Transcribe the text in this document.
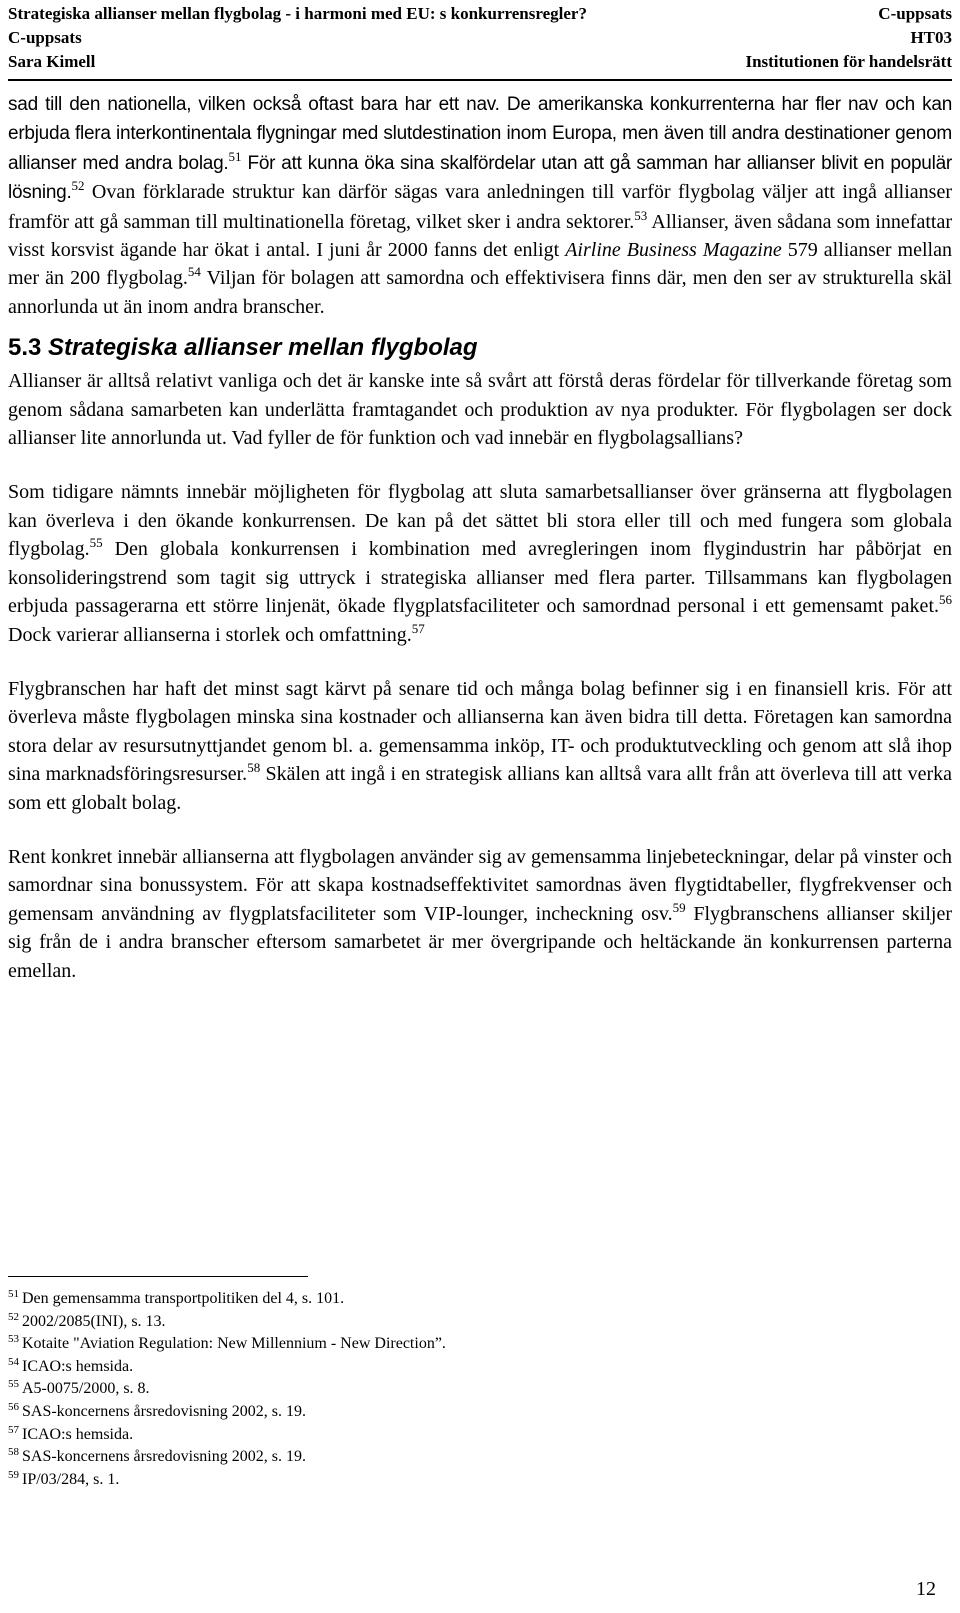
Strategiska allianser mellan flygbolag - i harmoni med EU: s konkurrensregler?	C-uppsats
C-uppsats	HT03
Sara Kimell	Institutionen för handelsrätt

sad till den nationella, vilken också oftast bara har ett nav. De amerikanska konkurrenterna har fler nav och kan erbjuda flera interkontinentala flygningar med slutdestination inom Europa, men även till andra destinationer genom allianser med andra bolag.$^{51}$ För att kunna öka sina skalfördelar utan att gå samman har allianser blivit en populär lösning.$^{52}$ Ovan förklarade struktur kan därför sägas vara anledningen till varför flygbolag väljer att ingå allianser framför att gå samman till multinationella företag, vilket sker i andra sektorer.$^{53}$ Allianser, även sådana som innefattar visst korsvist ägande har ökat i antal. I juni år 2000 fanns det enligt Airline Business Magazine 579 allianser mellan mer än 200 flygbolag.$^{54}$ Viljan för bolagen att samordna och effektivisera finns där, men den ser av strukturella skäl annorlunda ut än inom andra branscher.

5.3 Strategiska allianser mellan flygbolag

Allianser är alltså relativt vanliga och det är kanske inte så svårt att förstå deras fördelar för tillverkande företag som genom sådana samarbeten kan underlätta framtagandet och produktion av nya produkter. För flygbolagen ser dock allianser lite annorlunda ut. Vad fyller de för funktion och vad innebär en flygbolagsallians?

Som tidigare nämnts innebär möjligheten för flygbolag att sluta samarbetsallianser över gränserna att flygbolagen kan överleva i den ökande konkurrensen. De kan på det sättet bli stora eller till och med fungera som globala flygbolag.$^{55}$ Den globala konkurrensen i kombination med avregleringen inom flygindustrin har påbörjat en konsolideringstrend som tagit sig uttryck i strategiska allianser med flera parter. Tillsammans kan flygbolagen erbjuda passagerarna ett större linjenät, ökade flygplatsfaciliteter och samordnad personal i ett gemensamt paket.$^{56}$ Dock varierar allianserna i storlek och omfattning.$^{57}$

Flygbranschen har haft det minst sagt kärvt på senare tid och många bolag befinner sig i en finansiell kris. För att överleva måste flygbolagen minska sina kostnader och allianserna kan även bidra till detta. Företagen kan samordna stora delar av resursutnyttjandet genom bl. a. gemensamma inköp, IT- och produktutveckling och genom att slå ihop sina marknadsföringsresurser.$^{58}$ Skälen att ingå i en strategisk allians kan alltså vara allt från att överleva till att verka som ett globalt bolag.

Rent konkret innebär allianserna att flygbolagen använder sig av gemensamma linjebeteckningar, delar på vinster och samordnar sina bonussystem. För att skapa kostnadseffektivitet samordnas även flygtidtabeller, flygfrekvenser och gemensam användning av flygplatsfaciliteter som VIP-lounger, incheckning osv.$^{59}$ Flygbranschens allianser skiljer sig från de i andra branscher eftersom samarbetet är mer övergripande och heltäckande än konkurrensen parterna emellan.

$^{51}$ Den gemensamma transportpolitiken del 4, s. 101.
$^{52}$ 2002/2085(INI), s. 13.
$^{53}$ Kotaite "Aviation Regulation: New Millennium - New Direction”.
$^{54}$ ICAO:s hemsida.
$^{55}$ A5-0075/2000, s. 8.
$^{56}$ SAS-koncernens årsredovisning 2002, s. 19.
$^{57}$ ICAO:s hemsida.
$^{58}$ SAS-koncernens årsredovisning 2002, s. 19.
$^{59}$ IP/03/284, s. 1.
12
